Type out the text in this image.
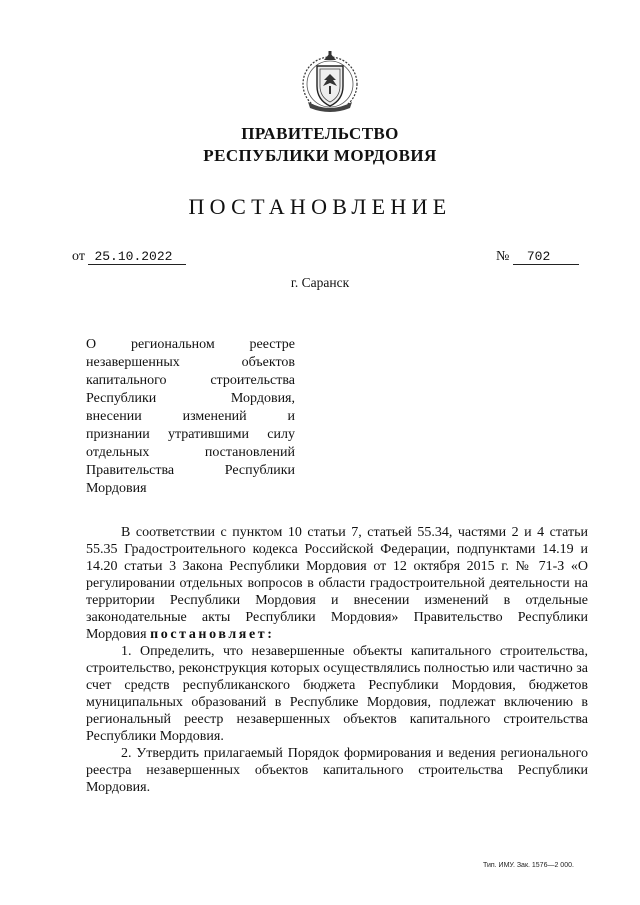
ПРАВИТЕЛЬСТВО
РЕСПУБЛИКИ МОРДОВИЯ
ПОСТАНОВЛЕНИЕ
от 25.10.2022	№ 702
г. Саранск
О региональном реестре
незавершенных объектов
капитального строительства
Республики Мордовия,
внесении изменений и
признании утратившими силу
отдельных постановлений
Правительства Республики
Мордовия

В соответствии с пунктом 10 статьи 7, статьей 55.34, частями 2 и 4 статьи 55.35 Градостроительного кодекса Российской Федерации, подпунктами 14.19 и 14.20 статьи 3 Закона Республики Мордовия от 12 октября 2015 г. № 71-З «О регулировании отдельных вопросов в области градостроительной деятельности на территории Республики Мордовия и внесении изменений в отдельные законодательные акты Республики Мордовия» Правительство Республики Мордовия постановляет:

1. Определить, что незавершенные объекты капитального строительства, строительство, реконструкция которых осуществлялись полностью или частично за счет средств республиканского бюджета Республики Мордовия, бюджетов муниципальных образований в Республике Мордовия, подлежат включению в региональный реестр незавершенных объектов капитального строительства Республики Мордовия.

2. Утвердить прилагаемый Порядок формирования и ведения регионального реестра незавершенных объектов капитального строительства Республики Мордовия.

Тип. ИМУ. Зак. 1576—2 000.
